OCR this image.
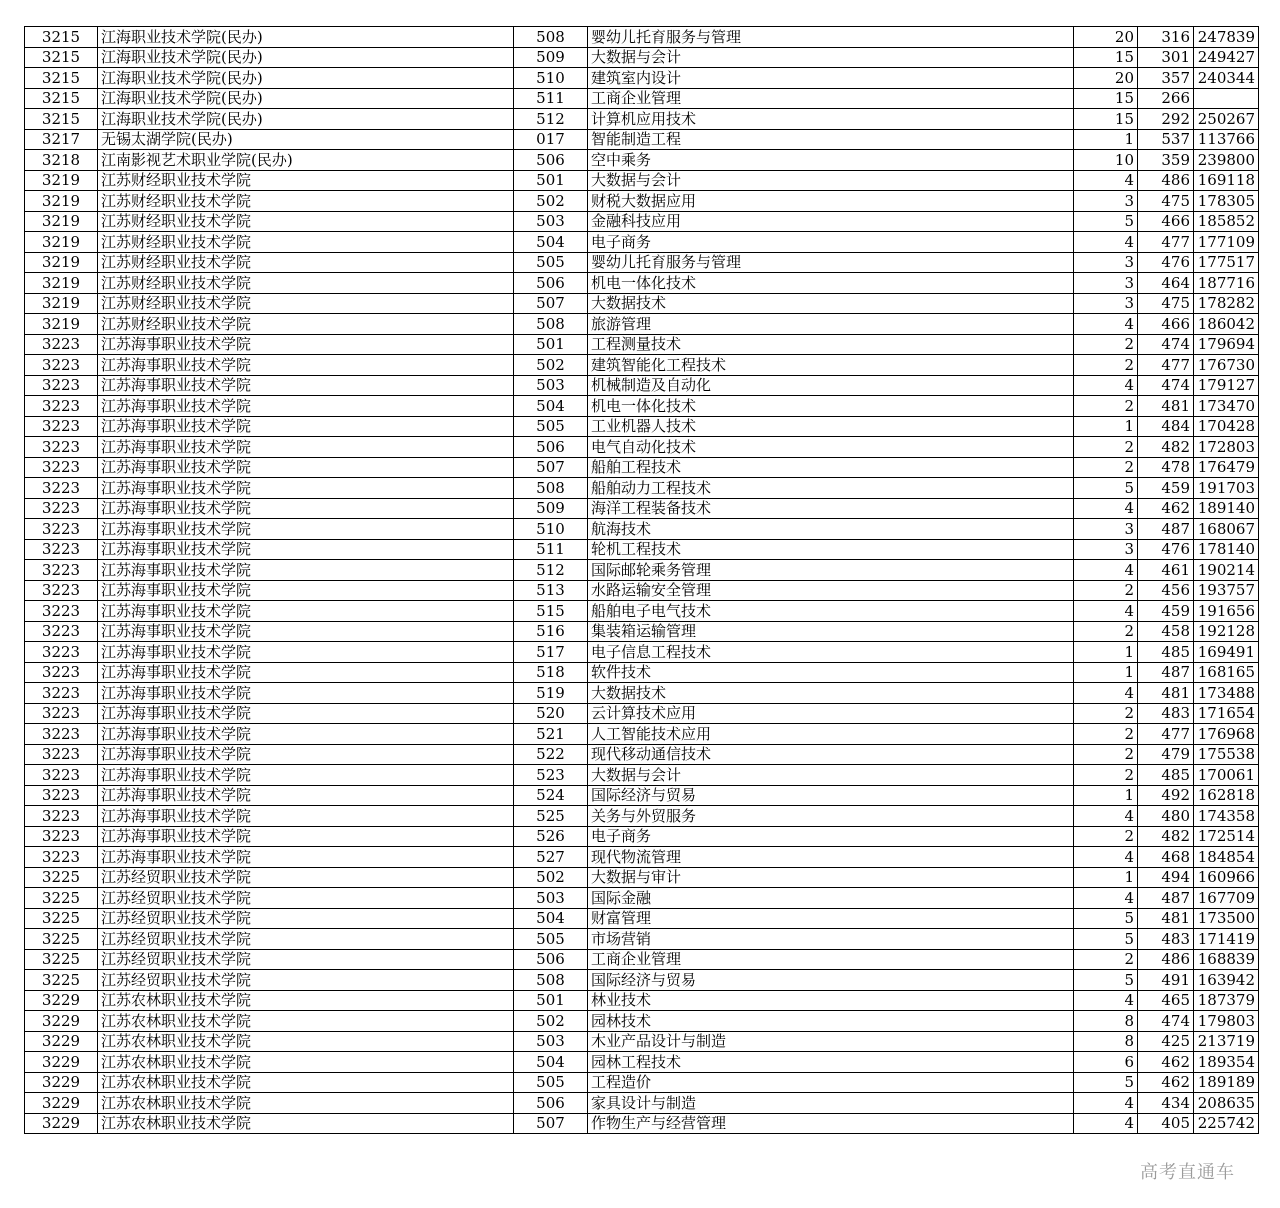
3215	江海职业技术学院(民办)	508	婴幼儿托育服务与管理	20	316	247839
3215	江海职业技术学院(民办)	509	大数据与会计	15	301	249427
3215	江海职业技术学院(民办)	510	建筑室内设计	20	357	240344
3215	江海职业技术学院(民办)	511	工商企业管理	15	266	
3215	江海职业技术学院(民办)	512	计算机应用技术	15	292	250267
3217	无锡太湖学院(民办)	017	智能制造工程	1	537	113766
3218	江南影视艺术职业学院(民办)	506	空中乘务	10	359	239800
3219	江苏财经职业技术学院	501	大数据与会计	4	486	169118
3219	江苏财经职业技术学院	502	财税大数据应用	3	475	178305
3219	江苏财经职业技术学院	503	金融科技应用	5	466	185852
3219	江苏财经职业技术学院	504	电子商务	4	477	177109
3219	江苏财经职业技术学院	505	婴幼儿托育服务与管理	3	476	177517
3219	江苏财经职业技术学院	506	机电一体化技术	3	464	187716
3219	江苏财经职业技术学院	507	大数据技术	3	475	178282
3219	江苏财经职业技术学院	508	旅游管理	4	466	186042
3223	江苏海事职业技术学院	501	工程测量技术	2	474	179694
3223	江苏海事职业技术学院	502	建筑智能化工程技术	2	477	176730
3223	江苏海事职业技术学院	503	机械制造及自动化	4	474	179127
3223	江苏海事职业技术学院	504	机电一体化技术	2	481	173470
3223	江苏海事职业技术学院	505	工业机器人技术	1	484	170428
3223	江苏海事职业技术学院	506	电气自动化技术	2	482	172803
3223	江苏海事职业技术学院	507	船舶工程技术	2	478	176479
3223	江苏海事职业技术学院	508	船舶动力工程技术	5	459	191703
3223	江苏海事职业技术学院	509	海洋工程装备技术	4	462	189140
3223	江苏海事职业技术学院	510	航海技术	3	487	168067
3223	江苏海事职业技术学院	511	轮机工程技术	3	476	178140
3223	江苏海事职业技术学院	512	国际邮轮乘务管理	4	461	190214
3223	江苏海事职业技术学院	513	水路运输安全管理	2	456	193757
3223	江苏海事职业技术学院	515	船舶电子电气技术	4	459	191656
3223	江苏海事职业技术学院	516	集装箱运输管理	2	458	192128
3223	江苏海事职业技术学院	517	电子信息工程技术	1	485	169491
3223	江苏海事职业技术学院	518	软件技术	1	487	168165
3223	江苏海事职业技术学院	519	大数据技术	4	481	173488
3223	江苏海事职业技术学院	520	云计算技术应用	2	483	171654
3223	江苏海事职业技术学院	521	人工智能技术应用	2	477	176968
3223	江苏海事职业技术学院	522	现代移动通信技术	2	479	175538
3223	江苏海事职业技术学院	523	大数据与会计	2	485	170061
3223	江苏海事职业技术学院	524	国际经济与贸易	1	492	162818
3223	江苏海事职业技术学院	525	关务与外贸服务	4	480	174358
3223	江苏海事职业技术学院	526	电子商务	2	482	172514
3223	江苏海事职业技术学院	527	现代物流管理	4	468	184854
3225	江苏经贸职业技术学院	502	大数据与审计	1	494	160966
3225	江苏经贸职业技术学院	503	国际金融	4	487	167709
3225	江苏经贸职业技术学院	504	财富管理	5	481	173500
3225	江苏经贸职业技术学院	505	市场营销	5	483	171419
3225	江苏经贸职业技术学院	506	工商企业管理	2	486	168839
3225	江苏经贸职业技术学院	508	国际经济与贸易	5	491	163942
3229	江苏农林职业技术学院	501	林业技术	4	465	187379
3229	江苏农林职业技术学院	502	园林技术	8	474	179803
3229	江苏农林职业技术学院	503	木业产品设计与制造	8	425	213719
3229	江苏农林职业技术学院	504	园林工程技术	6	462	189354
3229	江苏农林职业技术学院	505	工程造价	5	462	189189
3229	江苏农林职业技术学院	506	家具设计与制造	4	434	208635
3229	江苏农林职业技术学院	507	作物生产与经营管理	4	405	225742
高考直通车
